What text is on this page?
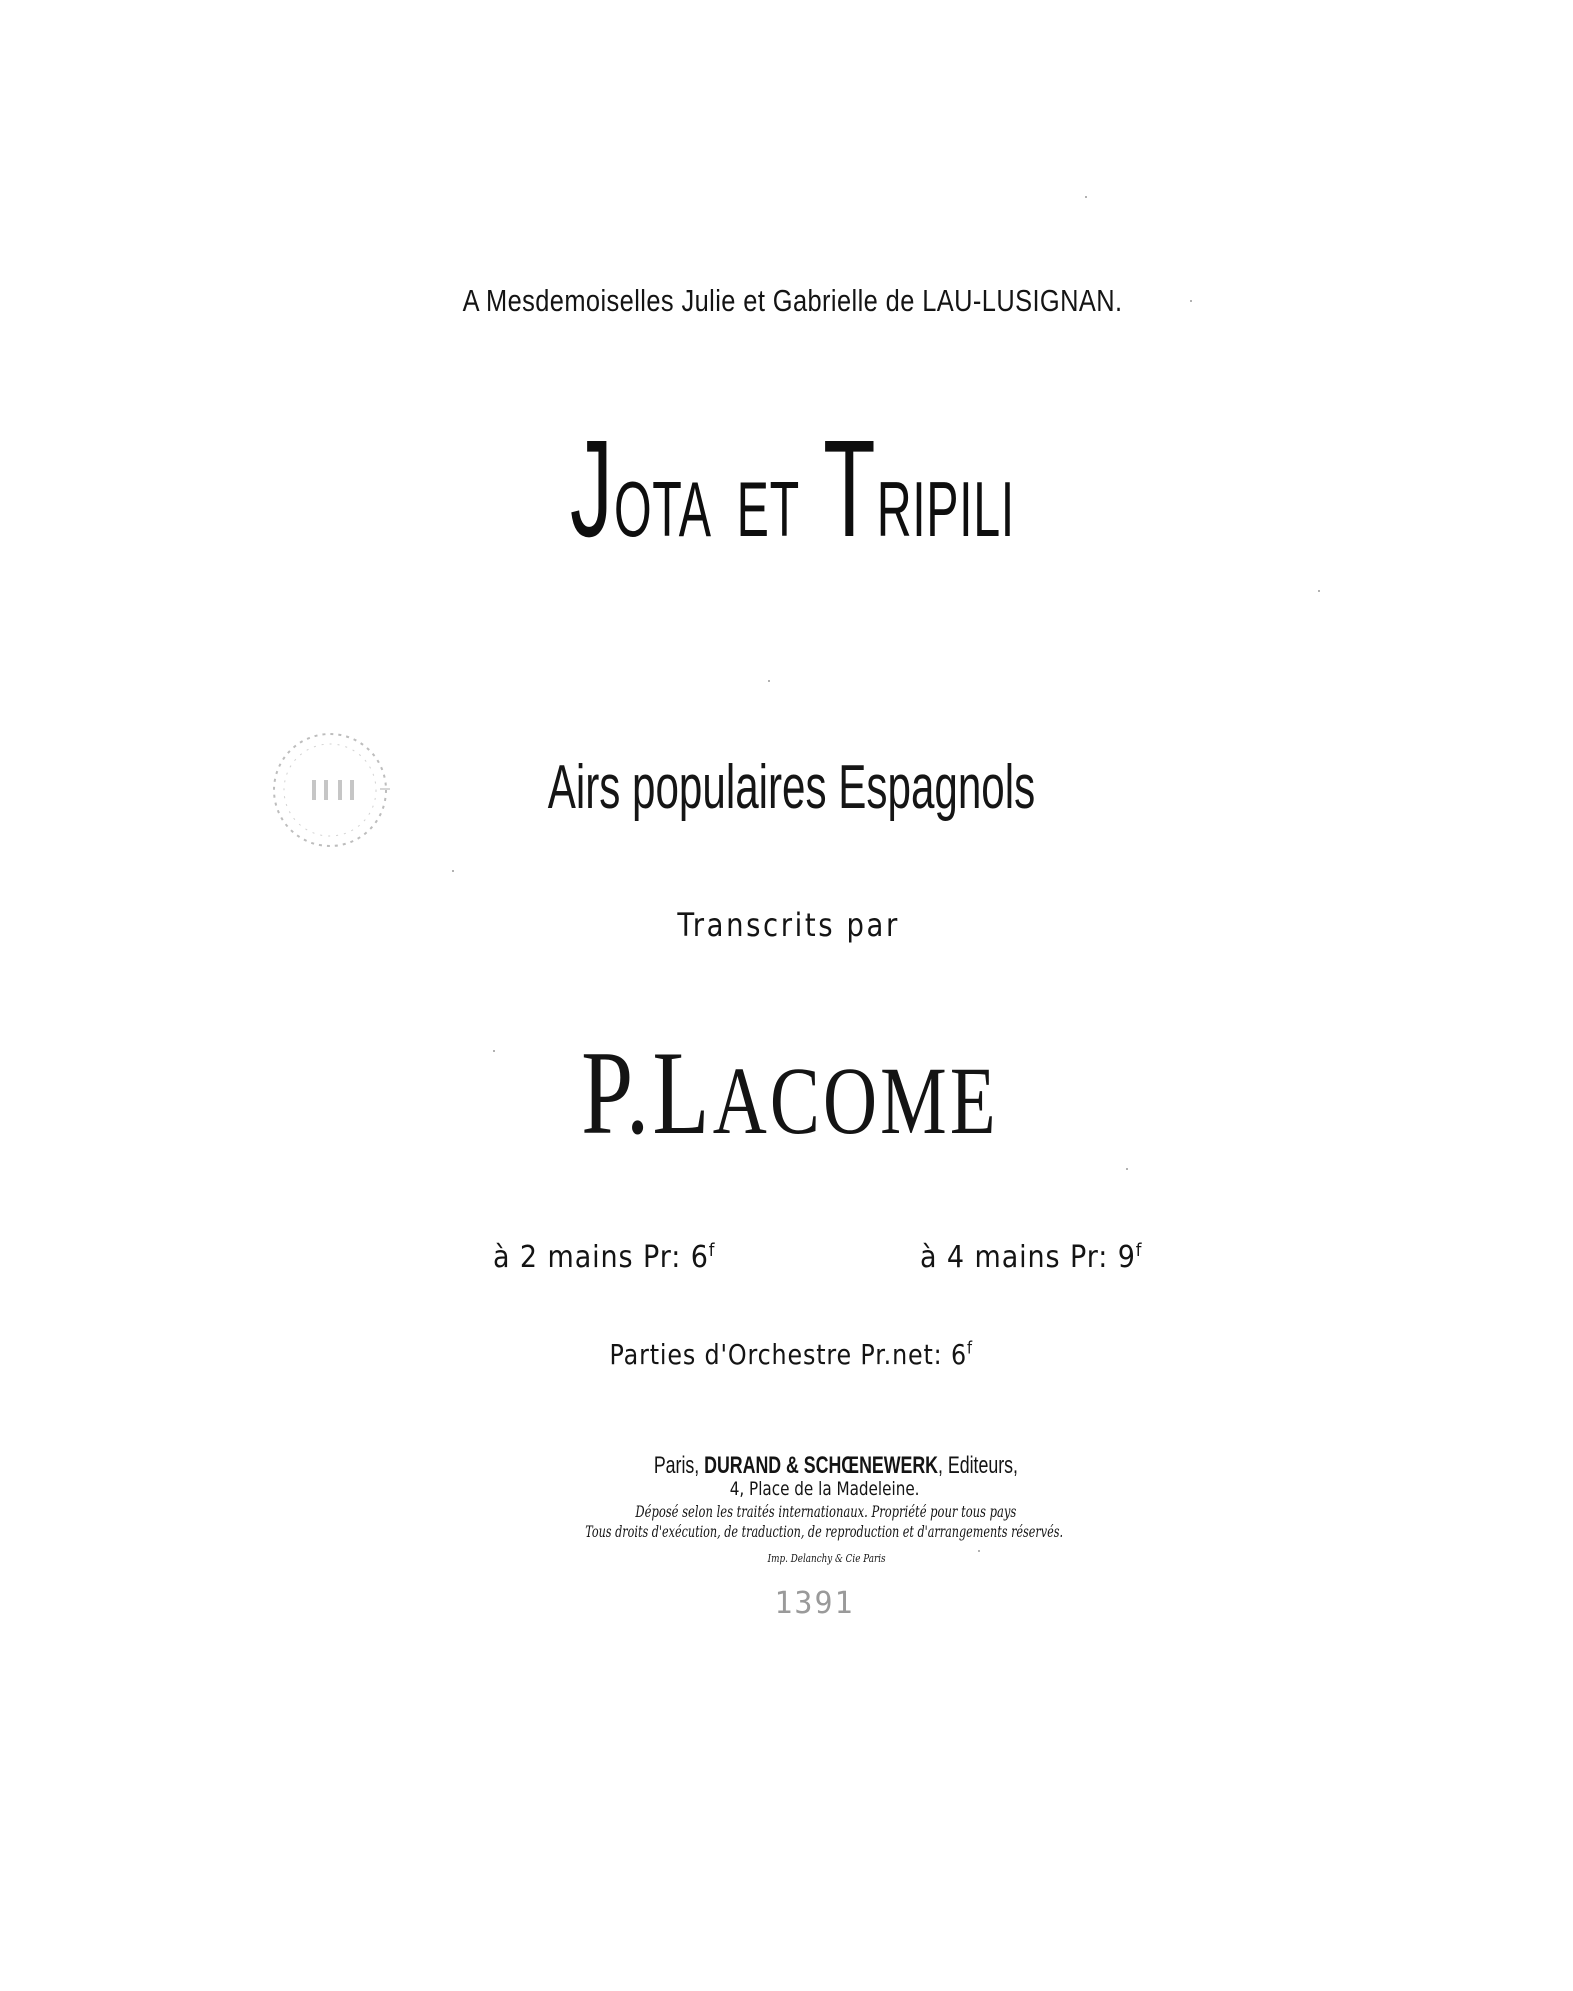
A Mesdemoiselles Julie et Gabrielle de LAU-LUSIGNAN.
JOTA ET TRIPILI
Airs populaires Espagnols
Transcrits par
P.LACOME
à 2 mains Pr: 6$^f$	à 4 mains Pr: 9$^f$
Parties d'Orchestre Pr.net: 6$^f$
Paris, DURAND & SCHŒNEWERK, Editeurs,
4, Place de la Madeleine.
Déposé selon les traités internationaux. Propriété pour tous pays
Tous droits d'exécution, de traduction, de reproduction et d'arrangements réservés.
Imp. Delanchy & Cie Paris
1391
